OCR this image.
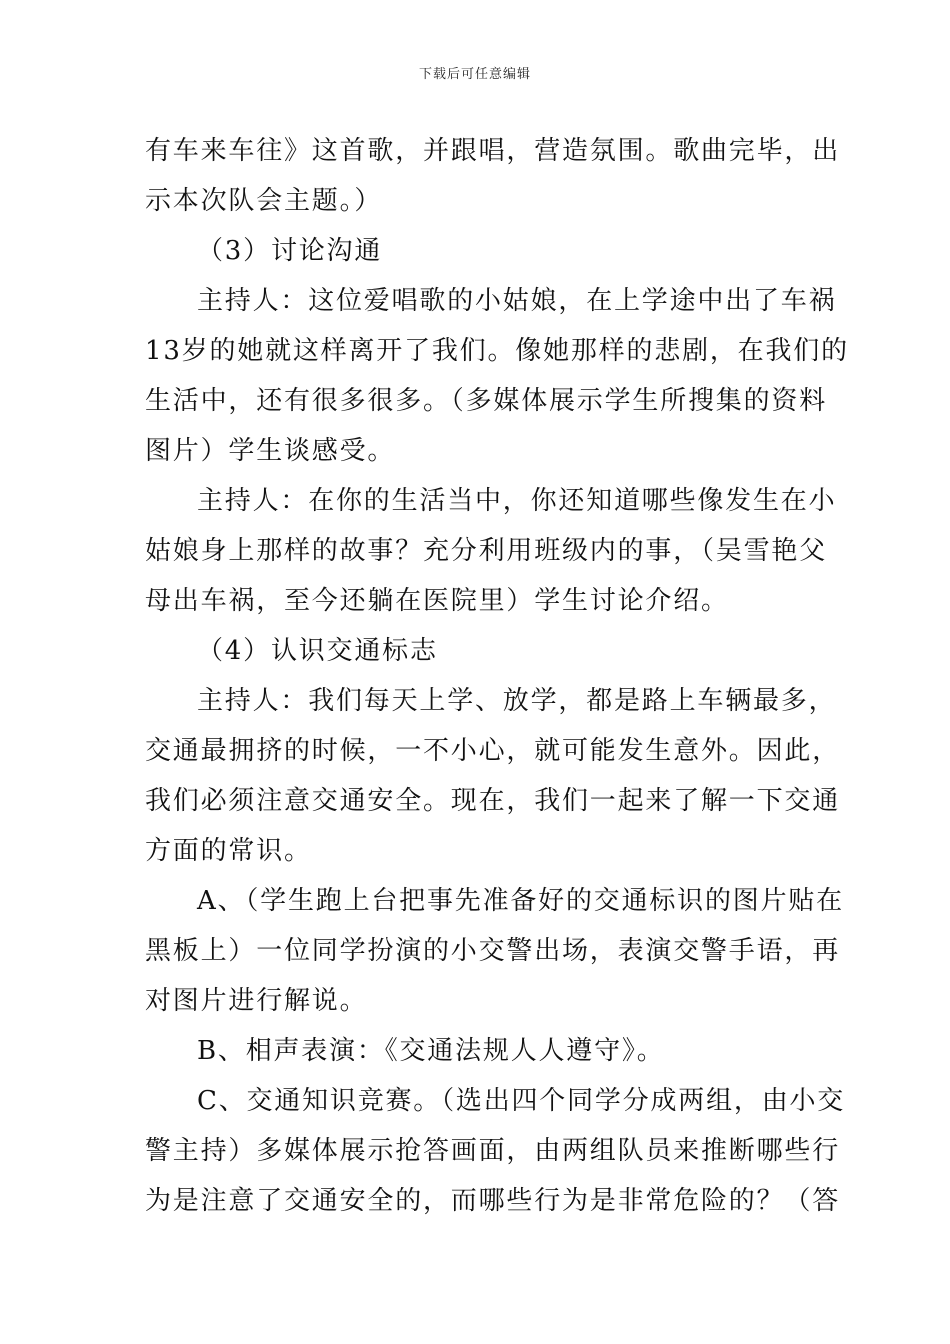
下载后可任意编辑
有车来车往》这首歌，并跟唱，营造氛围。歌曲完毕，出
示本次队会主题。）
（3）讨论沟通
主持人：这位爱唱歌的小姑娘，在上学途中出了车祸
13岁的她就这样离开了我们。像她那样的悲剧，在我们的
生活中，还有很多很多。（多媒体展示学生所搜集的资料
图片）学生谈感受。
主持人：在你的生活当中，你还知道哪些像发生在小
姑娘身上那样的故事？充分利用班级内的事，（吴雪艳父
母出车祸，至今还躺在医院里）学生讨论介绍。
（4）认识交通标志
主持人：我们每天上学、放学，都是路上车辆最多，
交通最拥挤的时候，一不小心，就可能发生意外。因此，
我们必须注意交通安全。现在，我们一起来了解一下交通
方面的常识。
A、（学生跑上台把事先准备好的交通标识的图片贴在
黑板上）一位同学扮演的小交警出场，表演交警手语，再
对图片进行解说。
B、相声表演：《交通法规人人遵守》。
C、交通知识竞赛。（选出四个同学分成两组，由小交
警主持）多媒体展示抢答画面，由两组队员来推断哪些行
为是注意了交通安全的，而哪些行为是非常危险的？（答
